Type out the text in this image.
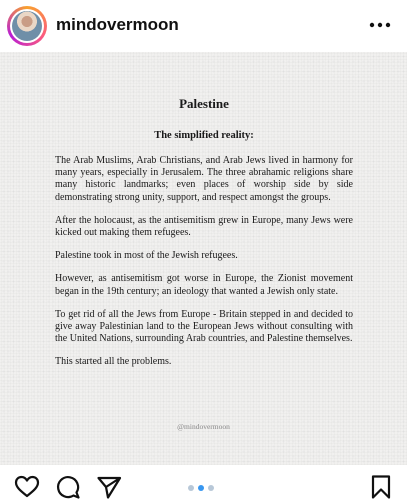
mindovermoon
Palestine
The simplified reality:

The Arab Muslims, Arab Christians, and Arab Jews lived in harmony for many years, especially in Jerusalem. The three abrahamic religions share many historic landmarks; even places of worship side by side demonstrating strong unity, support, and respect amongst the groups.

After the holocaust, as the antisemitism grew in Europe, many Jews were kicked out making them refugees.

Palestine took in most of the Jewish refugees.

However, as antisemitism got worse in Europe, the Zionist movement began in the 19th century; an ideology that wanted a Jewish only state.

To get rid of all the Jews from Europe - Britain stepped in and decided to give away Palestinian land to the European Jews without consulting with the United Nations, surrounding Arab countries, and Palestine themselves.

This started all the problems.

@mindovermoon
